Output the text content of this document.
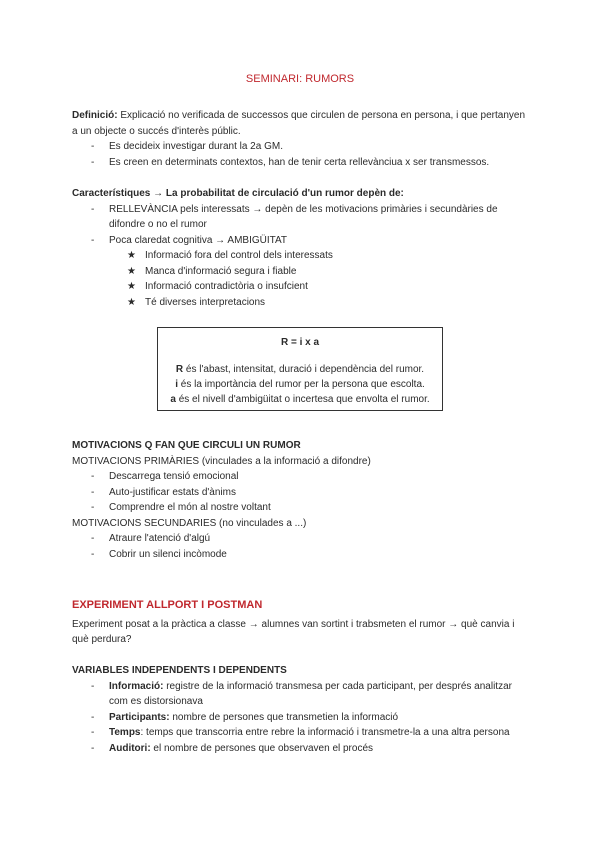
SEMINARI: RUMORS

Definició: Explicació no verificada de successos que circulen de persona en persona, i que pertanyen a un objecte o succés d'interès públic.

- Es decideix investigar durant la 2a GM.
- Es creen en determinats contextos, han de tenir certa rellevànciua x ser transmessos.

Característiques → La probabilitat de circulació d'un rumor depèn de:

- RELLEVÀNCIA pels interessats → depèn de les motivacions primàries i secundàries de difondre o no el rumor
- Poca claredat cognitiva → AMBIGÜITAT
★ Informació fora del control dels interessats
★ Manca d'informació segura i fiable
★ Informació contradictòria o insufcient
★ Té diverses interpretacions
R = i x a
R és l'abast, intensitat, duració i dependència del rumor.
i és la importància del rumor per la persona que escolta.
a és el nivell d'ambigüitat o incertesa que envolta el rumor.

MOTIVACIONS Q FAN QUE CIRCULI UN RUMOR

MOTIVACIONS PRIMÀRIES (vinculades a la informació a difondre)

- Descarrega tensió emocional
- Auto-justificar estats d'ànims
- Comprendre el món al nostre voltant

MOTIVACIONS SECUNDARIES (no vinculades a ...)

- Atraure l'atenció d'algú
- Cobrir un silenci incòmode

EXPERIMENT ALLPORT I POSTMAN

Experiment posat a la pràctica a classe → alumnes van sortint i trabsmeten el rumor → què canvia i què perdura?

VARIABLES INDEPENDENTS I DEPENDENTS

- Informació: registre de la informació transmesa per cada participant, per després analitzar com es distorsionava
- Participants: nombre de persones que transmetien la informació
- Temps: temps que transcorria entre rebre la informació i transmetre-la a una altra persona
- Auditori: el nombre de persones que observaven el procés
